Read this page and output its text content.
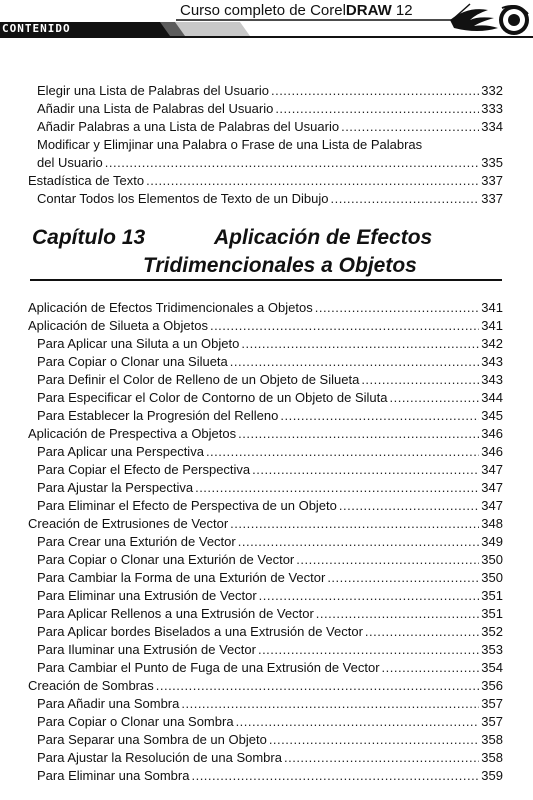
CONTENIDO
Curso completo de CorelDRAW 12
Elegir una Lista de Palabras del Usuario .....	332
Añadir una Lista de Palabras del Usuario .....	333
Añadir Palabras a una Lista de Palabras del Usuario .....	334
Modificar y Elimjinar una Palabra o Frase de una Lista de Palabras
del Usuario .....	335
Estadística de Texto .....	337
Contar Todos los Elementos de Texto de un Dibujo .....	337
Capítulo 13	Aplicación de Efectos
Tridimencionales a Objetos
Aplicación de Efectos Tridimencionales a Objetos .....	341
Aplicación de Silueta a Objetos .....	341
Para Aplicar una Siluta a un Objeto .....	342
Para Copiar o Clonar una Silueta .....	343
Para Definir el Color de Relleno de un Objeto de Silueta .....	343
Para Especificar el Color de Contorno de un Objeto de Siluta .....	344
Para Establecer la Progresión del Relleno .....	345
Aplicación de Prespectiva a Objetos .....	346
Para Aplicar una Perspectiva .....	346
Para Copiar el Efecto de Perspectiva .....	347
Para Ajustar la Perspectiva .....	347
Para Eliminar el Efecto de Perspectiva de un Objeto .....	347
Creación de Extrusiones de Vector .....	348
Para Crear una Exturión de Vector .....	349
Para Copiar o Clonar una Exturión de Vector .....	350
Para Cambiar la Forma de una Exturión de Vector .....	350
Para Eliminar una Extrusión de Vector .....	351
Para Aplicar Rellenos a una Extrusión de Vector .....	351
Para Aplicar bordes Biselados a una Extrusión de Vector .....	352
Para Iluminar una Extrusión de Vector .....	353
Para Cambiar el Punto de Fuga de una Extrusión de Vector .....	354
Creación de Sombras .....	356
Para Añadir una Sombra .....	357
Para Copiar o Clonar una Sombra .....	357
Para Separar una Sombra de un Objeto .....	358
Para Ajustar la Resolución de una Sombra .....	358
Para Eliminar una Sombra .....	359
